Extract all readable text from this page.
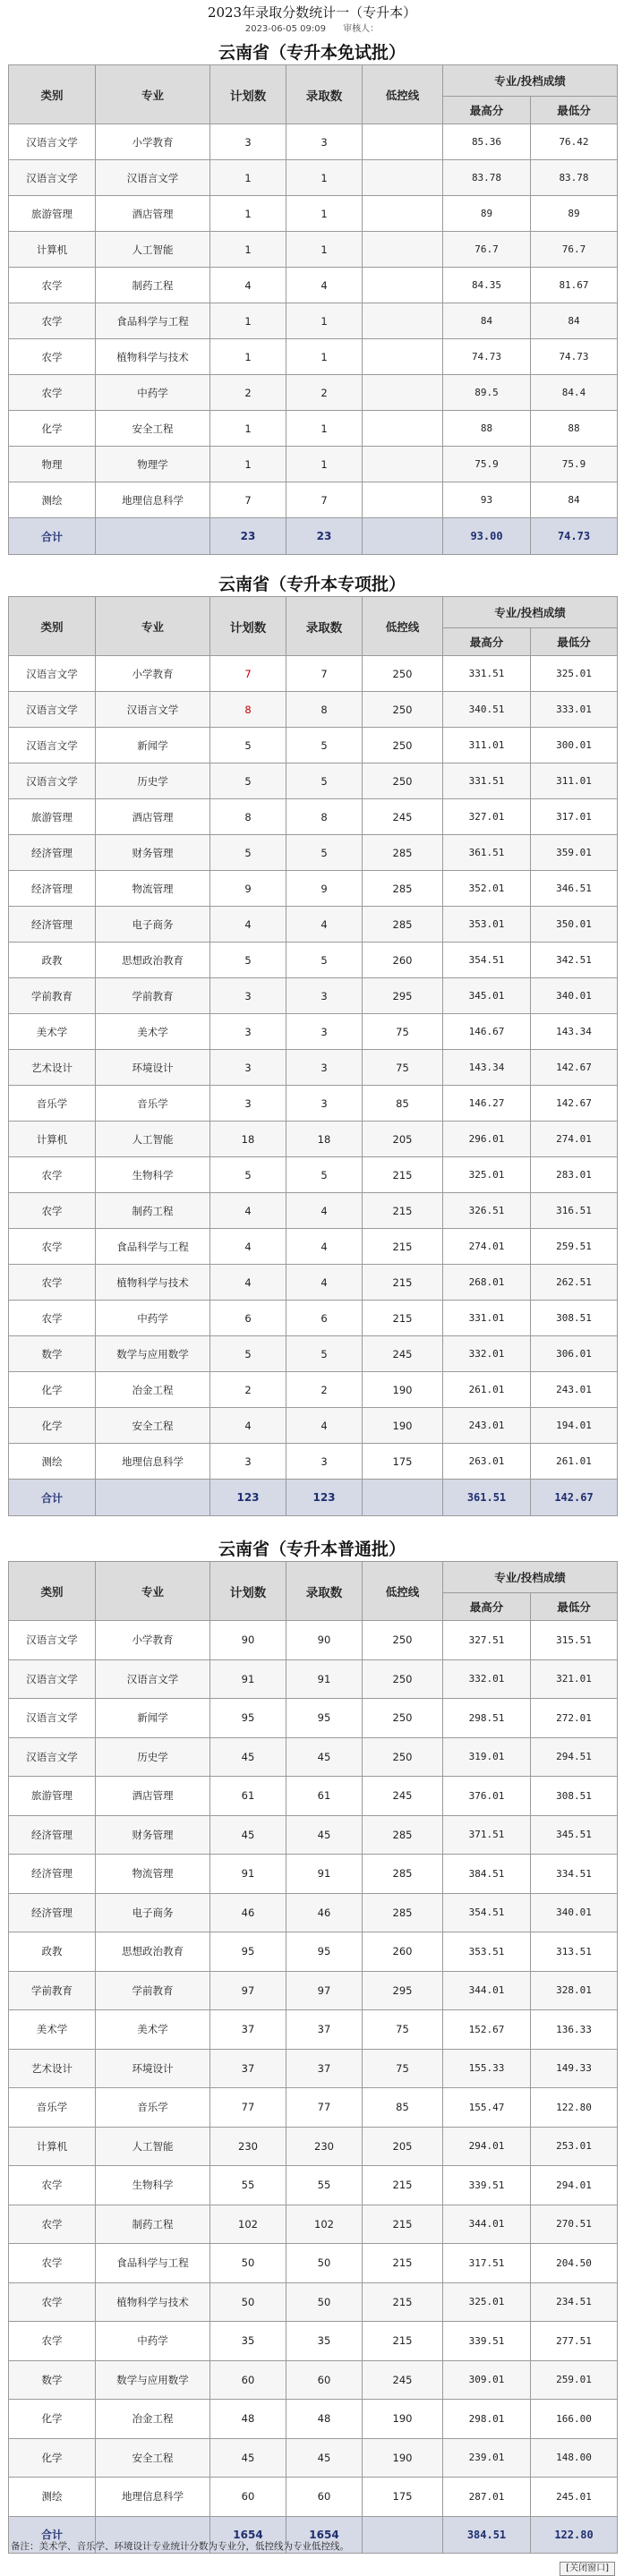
2023年录取分数统计一（专升本）
2023-06-05 09:09 审核人：
云南省（专升本免试批）
类别	专业	计划数	录取数	低控线	专业/投档成绩	
					最高分	最低分
汉语言文学	小学教育	3	3		85.36	76.42
汉语言文学	汉语言文学	1	1		83.78	83.78
旅游管理	酒店管理	1	1		89	89
计算机	人工智能	1	1		76.7	76.7
农学	制药工程	4	4		84.35	81.67
农学	食品科学与工程	1	1		84	84
农学	植物科学与技术	1	1		74.73	74.73
农学	中药学	2	2		89.5	84.4
化学	安全工程	1	1		88	88
物理	物理学	1	1		75.9	75.9
测绘	地理信息科学	7	7		93	84
合计		23	23		93.00	74.73
云南省（专升本专项批）
类别	专业	计划数	录取数	低控线	专业/投档成绩	
					最高分	最低分
汉语言文学	小学教育	7	7	250	331.51	325.01
汉语言文学	汉语言文学	8	8	250	340.51	333.01
汉语言文学	新闻学	5	5	250	311.01	300.01
汉语言文学	历史学	5	5	250	331.51	311.01
旅游管理	酒店管理	8	8	245	327.01	317.01
经济管理	财务管理	5	5	285	361.51	359.01
经济管理	物流管理	9	9	285	352.01	346.51
经济管理	电子商务	4	4	285	353.01	350.01
政教	思想政治教育	5	5	260	354.51	342.51
学前教育	学前教育	3	3	295	345.01	340.01
美术学	美术学	3	3	75	146.67	143.34
艺术设计	环境设计	3	3	75	143.34	142.67
音乐学	音乐学	3	3	85	146.27	142.67
计算机	人工智能	18	18	205	296.01	274.01
农学	生物科学	5	5	215	325.01	283.01
农学	制药工程	4	4	215	326.51	316.51
农学	食品科学与工程	4	4	215	274.01	259.51
农学	植物科学与技术	4	4	215	268.01	262.51
农学	中药学	6	6	215	331.01	308.51
数学	数学与应用数学	5	5	245	332.01	306.01
化学	冶金工程	2	2	190	261.01	243.01
化学	安全工程	4	4	190	243.01	194.01
测绘	地理信息科学	3	3	175	263.01	261.01
合计		123	123		361.51	142.67
云南省（专升本普通批）
类别	专业	计划数	录取数	低控线	专业/投档成绩	
					最高分	最低分
汉语言文学	小学教育	90	90	250	327.51	315.51
汉语言文学	汉语言文学	91	91	250	332.01	321.01
汉语言文学	新闻学	95	95	250	298.51	272.01
汉语言文学	历史学	45	45	250	319.01	294.51
旅游管理	酒店管理	61	61	245	376.01	308.51
经济管理	财务管理	45	45	285	371.51	345.51
经济管理	物流管理	91	91	285	384.51	334.51
经济管理	电子商务	46	46	285	354.51	340.01
政教	思想政治教育	95	95	260	353.51	313.51
学前教育	学前教育	97	97	295	344.01	328.01
美术学	美术学	37	37	75	152.67	136.33
艺术设计	环境设计	37	37	75	155.33	149.33
音乐学	音乐学	77	77	85	155.47	122.80
计算机	人工智能	230	230	205	294.01	253.01
农学	生物科学	55	55	215	339.51	294.01
农学	制药工程	102	102	215	344.01	270.51
农学	食品科学与工程	50	50	215	317.51	204.50
农学	植物科学与技术	50	50	215	325.01	234.51
农学	中药学	35	35	215	339.51	277.51
数学	数学与应用数学	60	60	245	309.01	259.01
化学	冶金工程	48	48	190	298.01	166.00
化学	安全工程	45	45	190	239.01	148.00
测绘	地理信息科学	60	60	175	287.01	245.01
合计		1654	1654		384.51	122.80
备注：美术学、音乐学、环境设计专业统计分数为专业分，低控线为专业低控线。
[关闭窗口]
